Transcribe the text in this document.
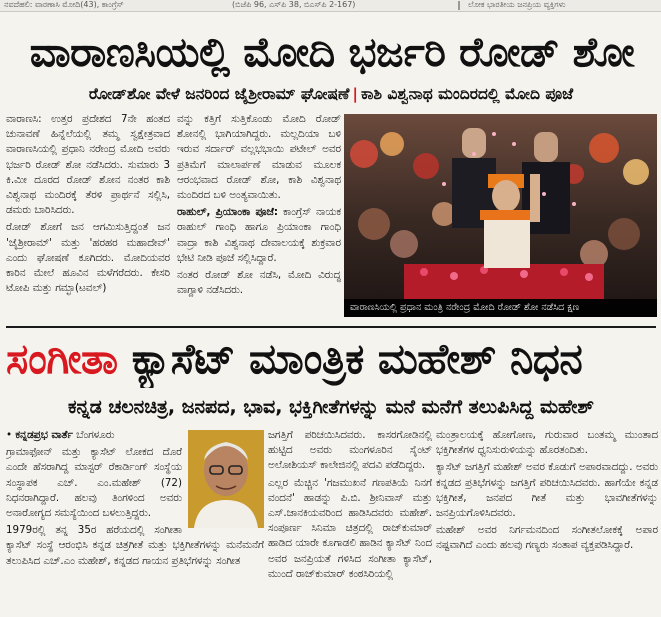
ನವದೆಹಲಿ: ವಾರಣಾಸಿ ಮೋದಿ(43), ಕಾಂಗ್ರೆಸ್	(ಬಿಜೆಪಿ 96, ಎಸ್‌ಪಿ 38, ಬಿಎಸ್‌ಪಿ 2-167)	ಲೋಕ ಭಾರತೀಯ ಜನಪ್ರಿಯ ವ್ಯಕ್ತಿಗಳು
ವಾರಾಣಸಿಯಲ್ಲಿ ಮೋದಿ ಭರ್ಜರಿ ರೋಡ್ ಶೋ
ರೋಡ್‌ಶೋ ವೇಳೆ ಜನರಿಂದ ಜೈಶ್ರೀರಾಮ್ ಘೋಷಣೆ | ಕಾಶಿ ವಿಶ್ವನಾಥ ಮಂದಿರದಲ್ಲಿ ಮೋದಿ ಪೂಜೆ

ವಾರಾಣಸಿ: ಉತ್ತರ ಪ್ರದೇಶದ 7ನೇ ಹಂತದ ಚುನಾವಣೆ ಹಿನ್ನೆಲೆಯಲ್ಲಿ ತಮ್ಮ ಸ್ವಕ್ಷೇತ್ರವಾದ ವಾರಾಣಸಿಯಲ್ಲಿ ಪ್ರಧಾನಿ ನರೇಂದ್ರ ಮೋದಿ ಅವರು ಭರ್ಜರಿ ರೋಡ್ ಶೋ ನಡೆಸಿದರು. ಸುಮಾರು 3 ಕಿ.ಮೀ ದೂರದ ರೋಡ್ ಶೋನ ನಂತರ ಕಾಶಿ ವಿಶ್ವನಾಥ ಮಂದಿರಕ್ಕೆ ತೆರಳಿ ಪ್ರಾರ್ಥನೆ ಸಲ್ಲಿಸಿ, ಡಮರು ಬಾರಿಸಿದರು.

ರೋಡ್ ಶೋಗೆ ಜನ ಆಗಮಿಸುತ್ತಿದ್ದಂತೆ ಜನ 'ಜೈಶ್ರೀರಾಮ್' ಮತ್ತು 'ಹರಹರ ಮಹಾದೇವ್' ಎಂದು ಘೋಷಣೆ ಕೂಗಿದರು. ಮೋದಿಯವರ ಕಾರಿನ ಮೇಲೆ ಹೂವಿನ ಮಳೆಗರೆದರು. ಕೇಸರಿ ಟೋಪಿ ಮತ್ತು ಗಮ್ಛಾ(ಟವಲ್)

ವನ್ನು ಕತ್ತಿಗೆ ಸುತ್ತಿಕೊಂಡು ಮೋದಿ ರೋಡ್ ಶೋನಲ್ಲಿ ಭಾಗಿಯಾಗಿದ್ದರು. ಮಲ್ಲದಿಯಾ ಬಳಿ ಇರುವ ಸರ್ದಾರ್ ವಲ್ಲಭಭಾಯಿ ಪಟೇಲ್ ಅವರ ಪ್ರತಿಮೆಗೆ ಮಾಲಾರ್ಪಣೆ ಮಾಡುವ ಮೂಲಕ ಆರಂಭವಾದ ರೋಡ್ ಶೋ, ಕಾಶಿ ವಿಶ್ವನಾಥ ಮಂದಿರದ ಬಳಿ ಅಂತ್ಯವಾಯಿತು.

ರಾಹುಲ್, ಪ್ರಿಯಾಂಕಾ ಪೂಜೆ: ಕಾಂಗ್ರೆಸ್ ನಾಯಕ ರಾಹುಲ್ ಗಾಂಧಿ ಹಾಗೂ ಪ್ರಿಯಾಂಕಾ ಗಾಂಧಿ ವಾದ್ರಾ ಕಾಶಿ ವಿಶ್ವನಾಥ ದೇವಾಲಯಕ್ಕೆ ಶುಕ್ರವಾರ ಭೇಟಿ ನೀಡಿ ಪೂಜೆ ಸಲ್ಲಿಸಿದ್ದಾರೆ.

ನಂತರ ರೋಡ್ ಶೋ ನಡೆಸಿ, ಮೋದಿ ವಿರುದ್ಧ ವಾಗ್ದಾಳಿ ನಡೆಸಿದರು.

ವಾರಾಣಸಿಯಲ್ಲಿ ಪ್ರಧಾನ ಮಂತ್ರಿ ನರೇಂದ್ರ ಮೋದಿ ರೋಡ್ ಶೋ ನಡೆಸಿದ ಕ್ಷಣ
ಸಂಗೀತಾ ಕ್ಯಾಸೆಟ್ ಮಾಂತ್ರಿಕ ಮಹೇಶ್ ನಿಧನ
ಕನ್ನಡ ಚಲನಚಿತ್ರ, ಜನಪದ, ಭಾವ, ಭಕ್ತಿಗೀತೆಗಳನ್ನು ಮನೆ ಮನೆಗೆ ತಲುಪಿಸಿದ್ದ ಮಹೇಶ್

• ಕನ್ನಡಪ್ರಭ ವಾರ್ತೆ ಬೆಂಗಳೂರು

ಗ್ರಾಮಾಫೋನ್ ಮತ್ತು ಕ್ಯಾಸೆಟ್ ಲೋಕದ ದೊರೆ ಎಂದೇ ಹೆಸರಾಗಿದ್ದ ಮಾಸ್ಟರ್ ರೆಕಾರ್ಡಿಂಗ್ ಸಂಸ್ಥೆಯ ಸಂಸ್ಥಾಪಕ ಎಚ್. ಎಂ.ಮಹೇಶ್ (72) ನಿಧನರಾಗಿದ್ದಾರೆ. ಹಲವು ತಿಂಗಳಿಂದ ಅವರು ಅನಾರೋಗ್ಯದ ಸಮಸ್ಯೆಯಿಂದ ಬಳಲುತ್ತಿದ್ದರು.

1979ರಲ್ಲಿ ತನ್ನ 35ರ ಹರೆಯದಲ್ಲಿ ಸಂಗೀತಾ ಕ್ಯಾಸೆಟ್ ಸಂಸ್ಥೆ ಆರಂಭಿಸಿ ಕನ್ನಡ ಚಿತ್ರಗೀತೆ ಮತ್ತು ಭಕ್ತಿಗೀತೆಗಳನ್ನು ಮನೆಮನೆಗೆ ತಲುಪಿಸಿದ ಎಚ್.ಎಂ ಮಹೇಶ್, ಕನ್ನಡದ ಗಾಯನ ಪ್ರತಿಭೆಗಳನ್ನು ಸಂಗೀತ

ಜಗತ್ತಿಗೆ ಪರಿಚಯಿಸಿದವರು. ಕಾಸರಗೋಡಿನಲ್ಲಿ ಹುಟ್ಟಿದ ಅವರು ಮಂಗಳೂರಿನ ಸೈಂಟ್ ಅಲೋಶಿಯಸ್ ಕಾಲೇಜಿನಲ್ಲಿ ಪದವಿ ಪಡೆದಿದ್ದರು.

ಎಲ್ಲರ ಮೆಚ್ಚಿನ 'ಗಜಮುಖನೆ ಗಣಪತಿಯೆ ನಿನಗೆ ವಂದನೆ' ಹಾಡನ್ನು ಪಿ.ಬಿ. ಶ್ರೀನಿವಾಸ್ ಮತ್ತು ಎಸ್.ಜಾನಕಿಯವರಿಂದ ಹಾಡಿಸಿದವರು ಮಹೇಶ್. ಸಂಪೂರ್ಣ ಸಿನಿಮಾ ಚಿತ್ರದಲ್ಲಿ ರಾಜ್‌ಕುಮಾರ್ ಹಾಡಿದ ಯಾರೇ ಕೂಗಾಡಲಿ ಹಾಡಿನ ಕ್ಯಾಸೆಟ್ ನಿಂದ ಅವರ ಜನಪ್ರಿಯತೆ ಗಳಿಸಿದ ಸಂಗೀತಾ ಕ್ಯಾಸೆಟ್, ಮುಂದೆ ರಾಜ್‌ಕುಮಾರ್ ಕಂಠಸಿರಿಯಲ್ಲಿ

ಮಂತ್ರಾಲಯಕ್ಕೆ ಹೋಗೋಣ, ಗುರುವಾರ ಬಂತಮ್ಮ ಮುಂತಾದ ಭಕ್ತಿಗೀತೆಗಳ ಧ್ವನಿಸುರುಳಿಯನ್ನು ಹೊರತಂದಿತು.

ಕ್ಯಾಸೆಟ್ ಜಗತ್ತಿಗೆ ಮಹೇಶ್ ಅವರ ಕೊಡುಗೆ ಅಪಾರವಾದದ್ದು. ಅವರು ಕನ್ನಡದ ಪ್ರತಿಭೆಗಳನ್ನು ಜಗತ್ತಿಗೆ ಪರಿಚಯಿಸಿದವರು. ಹಾಗೆಯೇ ಕನ್ನಡ ಭಕ್ತಿಗೀತೆ, ಜನಪದ ಗೀತೆ ಮತ್ತು ಭಾವಗೀತೆಗಳನ್ನು ಜನಪ್ರಿಯಗೊಳಿಸಿದವರು.

ಮಹೇಶ್ ಅವರ ನಿರ್ಗಮನದಿಂದ ಸಂಗೀತಲೋಕಕ್ಕೆ ಅಪಾರ ನಷ್ಟವಾಗಿದೆ ಎಂದು ಹಲವು ಗಣ್ಯರು ಸಂತಾಪ ವ್ಯಕ್ತಪಡಿಸಿದ್ದಾರೆ.
